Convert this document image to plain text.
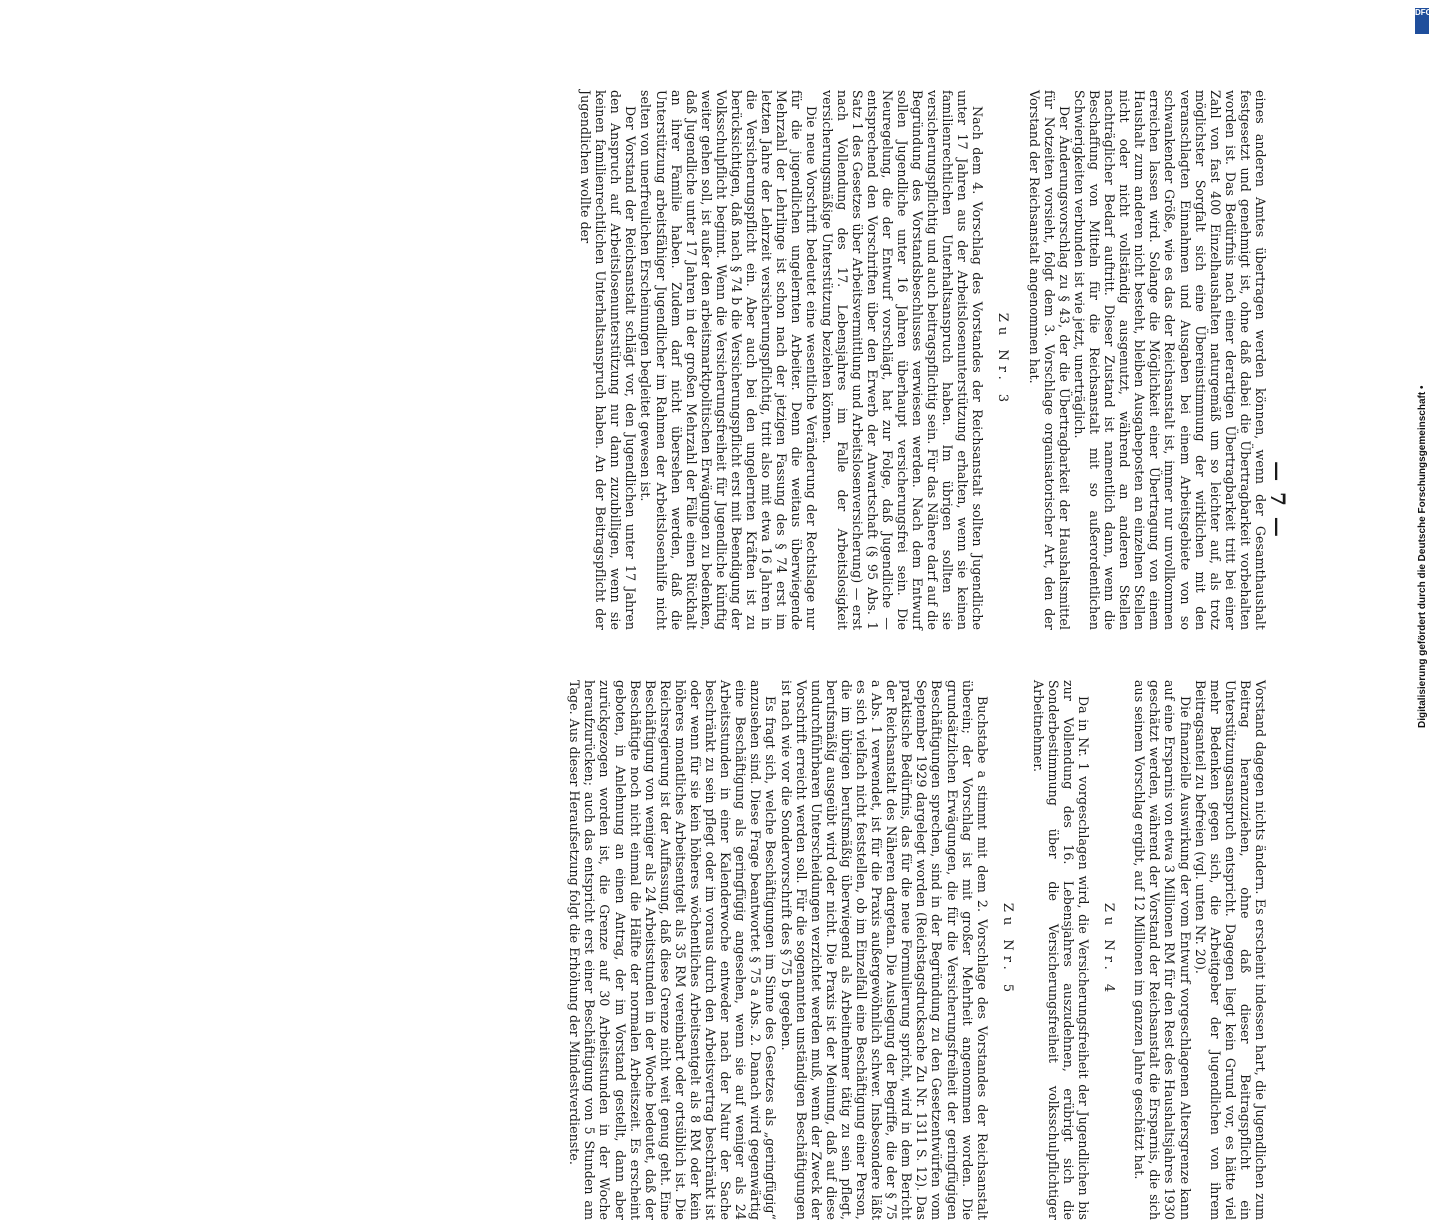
— 7 —

eines anderen Amtes übertragen werden können, wenn der Gesamthaushalt festgesetzt und genehmigt ist, ohne daß dabei die Übertragbarkeit vorbehalten worden ist. Das Bedürfnis nach einer derartigen Übertragbarkeit tritt bei einer Zahl von fast 400 Einzelhaushalten naturgemäß um so leichter auf, als trotz möglichster Sorgfalt sich eine Übereinstimmung der wirklichen mit den veranschlagten Einnahmen und Ausgaben bei einem Arbeitsgebiete von so schwankender Größe, wie es das der Reichsanstalt ist, immer nur unvollkommen erreichen lassen wird. Solange die Möglichkeit einer Übertragung von einem Haushalt zum anderen nicht besteht, bleiben Ausgabeposten an einzelnen Stellen nicht oder nicht vollständig ausgenutzt, während an anderen Stellen nachträglicher Bedarf auftritt. Dieser Zustand ist namentlich dann, wenn die Beschaffung von Mitteln für die Reichsanstalt mit so außerordentlichen Schwierigkeiten verbunden ist wie jetzt, unerträglich.

Der Änderungsvorschlag zu § 43, der die Übertragbarkeit der Haushaltsmittel für Notzeiten vorsieht, folgt dem 3. Vorschlage organisatorischer Art, den der Vorstand der Reichsanstalt angenommen hat.

Zu Nr. 3

Nach dem 4. Vorschlag des Vorstandes der Reichsanstalt sollten Jugendliche unter 17 Jahren aus der Arbeitslosenunterstützung erhalten, wenn sie keinen familienrechtlichen Unterhaltsanspruch haben. Im übrigen sollten sie versicherungspflichtig und auch beitragspflichtig sein. Für das Nähere darf auf die Begründung des Vorstandsbeschlusses verwiesen werden. Nach dem Entwurf sollen Jugendliche unter 16 Jahren überhaupt versicherungsfrei sein. Die Neuregelung, die der Entwurf vorschlägt, hat zur Folge, daß Jugendliche — entsprechend den Vorschriften über den Erwerb der Anwartschaft (§ 95 Abs. 1 Satz 1 des Gesetzes über Arbeitsvermittlung und Arbeitslosenversicherung) — erst nach Vollendung des 17. Lebensjahres im Falle der Arbeitslosigkeit versicherungsmäßige Unterstützung beziehen können.

Die neue Vorschrift bedeutet eine wesentliche Veränderung der Rechtslage nur für die jugendlichen ungelernten Arbeiter. Denn die weitaus überwiegende Mehrzahl der Lehrlinge ist schon nach der jetzigen Fassung des § 74 erst im letzten Jahre der Lehrzeit versicherungspflichtig, tritt also mit etwa 16 Jahren in die Versicherungspflicht ein. Aber auch bei den ungelernten Kräften ist zu berücksichtigen, daß nach § 74 b die Versicherungspflicht erst mit Beendigung der Volksschulpflicht beginnt. Wenn die Versicherungsfreiheit für Jugendliche künftig weiter gehen soll, ist außer den arbeitsmarktpolitischen Erwägungen zu bedenken, daß Jugendliche unter 17 Jahren in der großen Mehrzahl der Fälle einen Rückhalt an ihrer Familie haben. Zudem darf nicht übersehen werden, daß die Unterstützung arbeitsfähiger Jugendlicher im Rahmen der Arbeitslosenhilfe nicht selten von unerfreulichen Erscheinungen begleitet gewesen ist.

Der Vorstand der Reichsanstalt schlägt vor, den Jugendlichen unter 17 Jahren den Anspruch auf Arbeitslosenunterstützung nur dann zuzubilligen, wenn sie keinen familienrechtlichen Unterhaltsanspruch haben. An der Beitragspflicht der Jugendlichen wollte der

Vorstand dagegen nichts ändern. Es erscheint indessen hart, die Jugendlichen zum Beitrag heranzuziehen, ohne daß dieser Beitragspflicht ein Unterstützungsanspruch entspricht. Dagegen liegt kein Grund vor, es hätte viel mehr Bedenken gegen sich, die Arbeitgeber der Jugendlichen von ihrem Beitragsanteil zu befreien (vgl. unten Nr. 20).

Die finanzielle Auswirkung der vom Entwurf vorgeschlagenen Altersgrenze kann auf eine Ersparnis von etwa 3 Millionen RM für den Rest des Haushaltsjahres 1930 geschätzt werden, während der Vorstand der Reichsanstalt die Ersparnis, die sich aus seinem Vorschlag ergibt, auf 12 Millionen im ganzen Jahre geschätzt hat.

Zu Nr. 4

Da in Nr. 1 vorgeschlagen wird, die Versicherungsfreiheit der Jugendlichen bis zur Vollendung des 16. Lebensjahres auszudehnen, erübrigt sich die Sonderbestimmung über die Versicherungsfreiheit volksschulpflichtiger Arbeitnehmer.

Zu Nr. 5

Buchstabe a stimmt mit dem 2. Vorschlage des Vorstandes der Reichsanstalt überein; der Vorschlag ist mit großer Mehrheit angenommen worden. Die grundsätzlichen Erwägungen, die für die Versicherungsfreiheit der geringfügigen Beschäftigungen sprechen, sind in der Begründung zu den Gesetzentwürfen vom September 1929 dargelegt worden (Reichstagsdrucksache Zu Nr. 1311 S. 12). Das praktische Bedürfnis, das für die neue Formulierung spricht, wird in dem Bericht der Reichsanstalt des Näheren dargetan. Die Auslegung der Begriffe, die der § 75 a Abs. 1 verwendet, ist für die Praxis außergewöhnlich schwer. Insbesondere läßt es sich vielfach nicht feststellen, ob im Einzelfall eine Beschäftigung einer Person, die im übrigen berufsmäßig überwiegend als Arbeitnehmer tätig zu sein pflegt, berufsmäßig ausgeübt wird oder nicht. Die Praxis ist der Meinung, daß auf diese undurchführbaren Unterscheidungen verzichtet werden muß, wenn der Zweck der Vorschrift erreicht werden soll. Für die sogenannten unständigen Beschäftigungen ist nach wie vor die Sondervorschrift des § 75 b gegeben.

Es fragt sich, welche Beschäftigungen im Sinne des Gesetzes als „geringfügig“ anzusehen sind. Diese Frage beantwortet § 75 a Abs. 2. Danach wird gegenwärtig eine Beschäftigung als geringfügig angesehen, wenn sie auf weniger als 24 Arbeitsstunden in einer Kalenderwoche entweder nach der Natur der Sache beschränkt zu sein pflegt oder im voraus durch den Arbeitsvertrag beschränkt ist oder wenn für sie kein höheres wöchentliches Arbeitsentgelt als 8 RM oder kein höheres monatliches Arbeitsentgelt als 35 RM vereinbart oder ortsüblich ist. Die Reichsregierung ist der Auffassung, daß diese Grenze nicht weit genug geht. Eine Beschäftigung von weniger als 24 Arbeitsstunden in der Woche bedeutet, daß der Beschäftigte noch nicht einmal die Hälfte der normalen Arbeitszeit. Es erscheint geboten, in Anlehnung an einen Antrag, der im Vorstand gestellt, dann aber zurückgezogen worden ist, die Grenze auf 30 Arbeitsstunden in der Woche heraufzurücken; auch das entspricht erst einer Beschäftigung von 5 Stunden am Tage. Aus dieser Heraufsetzung folgt die Erhöhung der Mindestverdienste.

DFG
Digitalisierung gefördert durch die Deutsche Forschungsgemeinschaft •
